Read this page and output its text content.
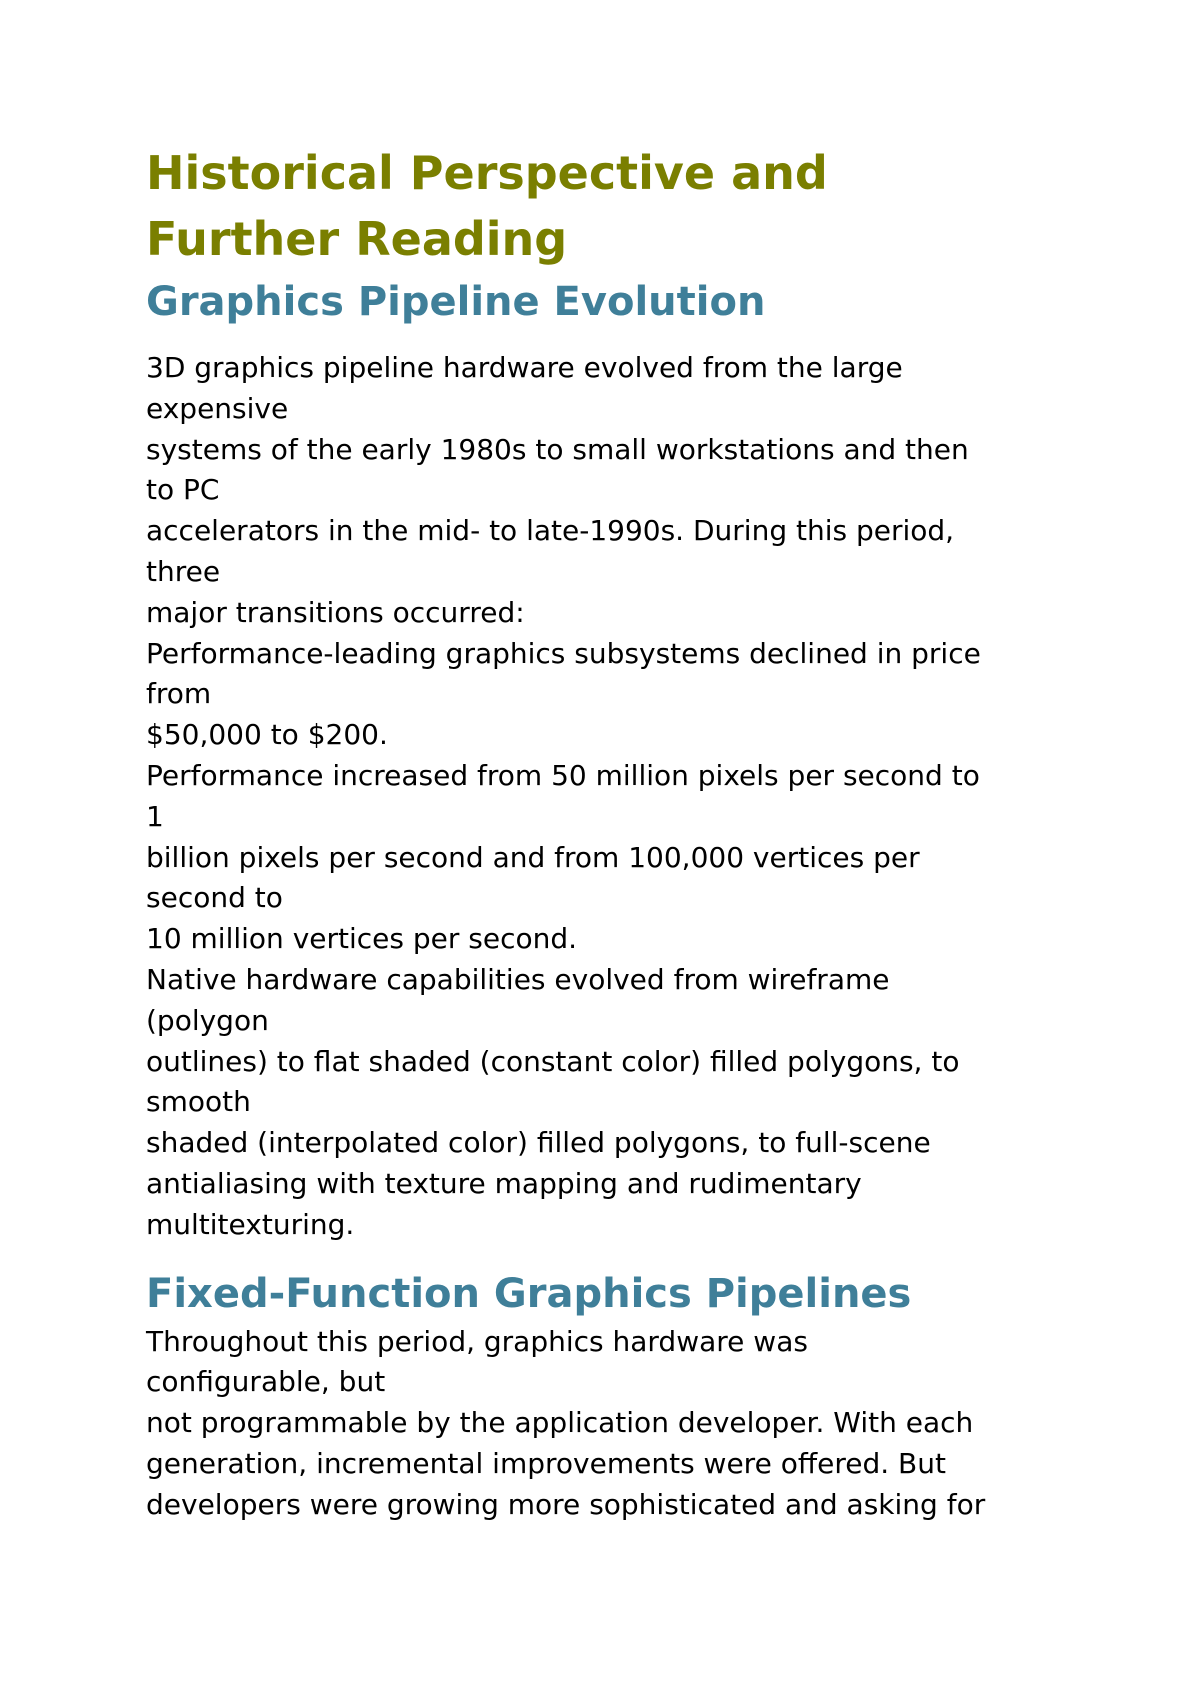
Historical Perspective and
Further Reading
Graphics Pipeline Evolution
3D graphics pipeline hardware evolved from the large
expensive
systems of the early 1980s to small workstations and then
to PC
accelerators in the mid- to late-1990s. During this period,
three
major transitions occurred:
Performance-leading graphics subsystems declined in price
from
$50,000 to $200.
Performance increased from 50 million pixels per second to
1
billion pixels per second and from 100,000 vertices per
second to
10 million vertices per second.
Native hardware capabilities evolved from wireframe
(polygon
outlines) to flat shaded (constant color) filled polygons, to
smooth
shaded (interpolated color) filled polygons, to full-scene
antialiasing with texture mapping and rudimentary
multitexturing.
Fixed-Function Graphics Pipelines
Throughout this period, graphics hardware was
configurable, but
not programmable by the application developer. With each
generation, incremental improvements were offered. But
developers were growing more sophisticated and asking for
